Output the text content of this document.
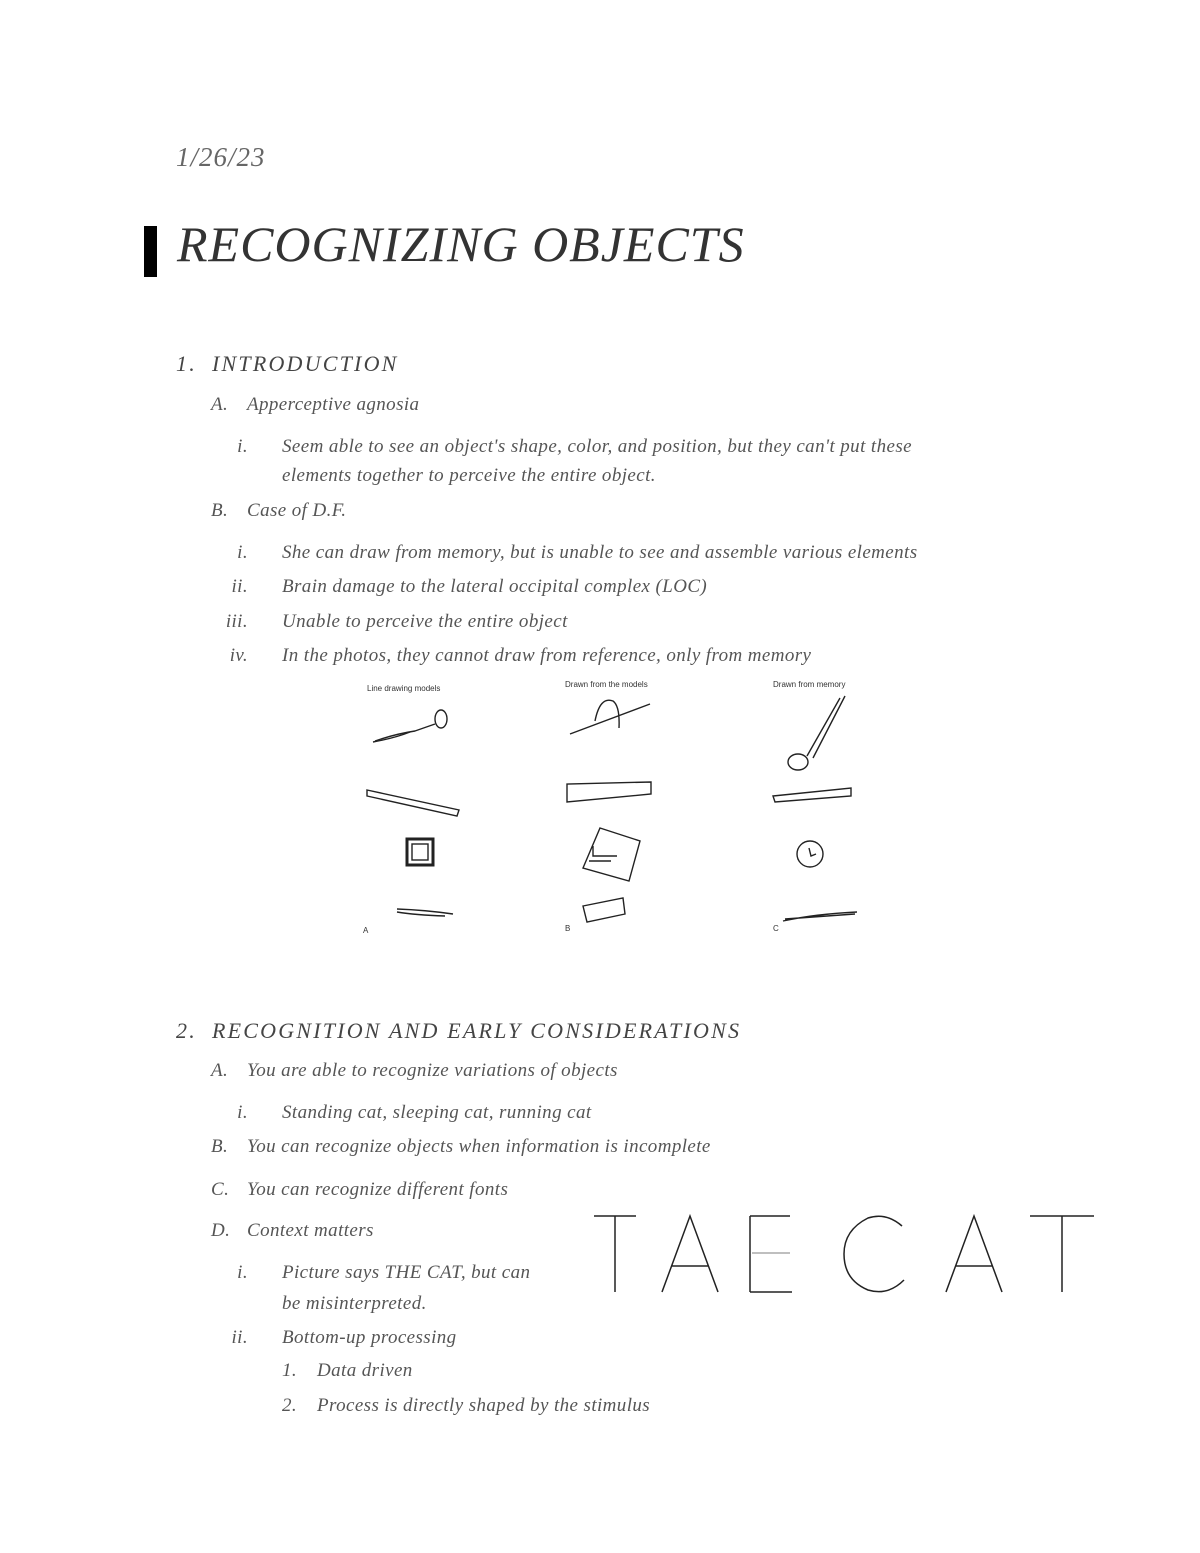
1/26/23
RECOGNIZING OBJECTS
1. INTRODUCTION
A. Apperceptive agnosia
i. Seem able to see an object's shape, color, and position, but they can't put these
elements together to perceive the entire object.
B. Case of D.F.
i. She can draw from memory, but is unable to see and assemble various elements
ii. Brain damage to the lateral occipital complex (LOC)
iii. Unable to perceive the entire object
iv. In the photos, they cannot draw from reference, only from memory
Line drawing models	Drawn from the models	Drawn from memory
A	B	C
2. RECOGNITION AND EARLY CONSIDERATIONS
A. You are able to recognize variations of objects
i. Standing cat, sleeping cat, running cat
B. You can recognize objects when information is incomplete
C. You can recognize different fonts
D. Context matters
i. Picture says THE CAT, but can
be misinterpreted.
ii. Bottom-up processing
1. Data driven
2. Process is directly shaped by the stimulus
